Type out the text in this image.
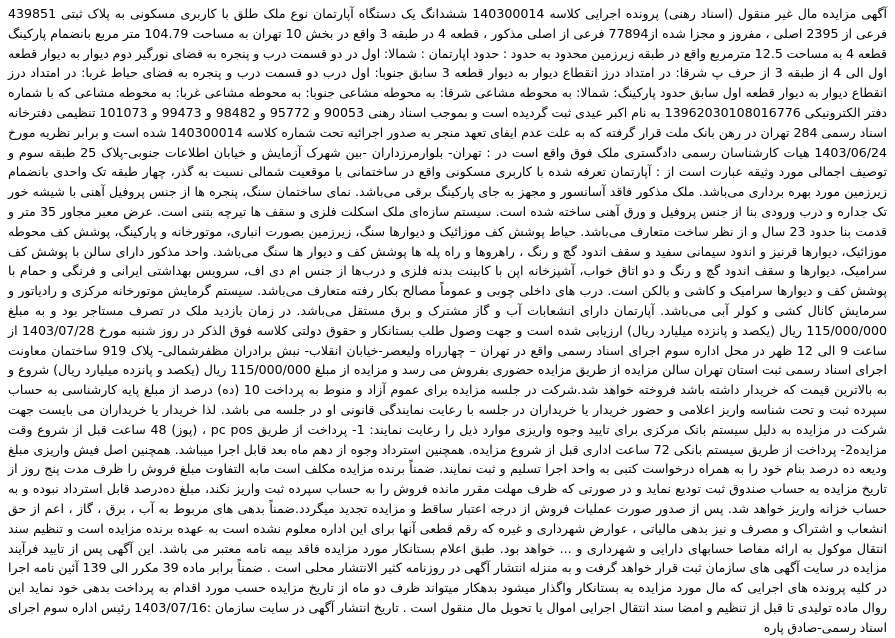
آگهی مزایده مال غیر منقول (اسناد رهنی) پرونده اجرایی کلاسه 140300014 ششدانگ یک دستگاه آپارتمان نوع ملک طلق با کاربری مسکونی به پلاک ثبتی 439851 فرعی از 2395 اصلی ، مفروز و مجزا شده از77894 فرعی از اصلی مذکور ، قطعه 4 در طبقه 3 واقع در بخش 10 تهران به مساحت 104.79 متر مربع بانضمام پارکینگ قطعه 4 به مساحت 12.5 مترمربع واقع در طبقه زیرزمین محدود به حدود : حدود اپارتمان : شمالا: اول در دو قسمت درب و پنجره به فضای نورگیر دوم دیوار به دیوار قطعه اول الی 4 از طبقه 3 از حرف پ شرقا: در امتداد درز انقطاع دیوار به دیوار قطعه 3 سابق جنوبا: اول درب دو قسمت درب و پنجره به فضای حیاط غربا: در امتداد درز انقطاع دیوار به دیوار قطعه اول سابق حدود پارکینگ: شمالا: به محوطه مشاعی شرقا: به محوطه مشاعی جنوبا: به محوطه مشاعی غربا: به محوطه مشاعی که با شماره دفتر الکترونیکی 13962030108016776 به نام اکبر عیدی ثبت گردیده است و بموجب اسناد رهنی 90053 و 95772 و 98482 و 99473 و 101073 تنظیمی دفترخانه اسناد رسمی 284 تهران در رهن بانک ملت قرار گرفته که به علت عدم ایفای تعهد منجر به صدور اجرائیه تحت شماره کلاسه 140300014 شده است و برابر نظریه مورخ 1403/06/24 هیات کارشناسان رسمی دادگستری ملک فوق واقع است در : تهران- بلوارمرزداران -بین شهرک آزمایش و خیابان اطلاعات جنوبی-پلاک 25 طبقه سوم و توصیف اجمالی مورد وثیقه عبارت است از : آپارتمان تعرفه شده با کاربری مسکونی واقع در ساختمانی با موقعیت شمالی نسبت به گذر، چهار طبقه تک واحدی بانضمام زیرزمین مورد بهره برداری می‌باشد. ملک مذکور فاقد آسانسور و مجهز به جای پارکینگ برقی می‌باشد. نمای ساختمان سنگ، پنجره ها از جنس پروفیل آهنی با شیشه خور تک جداره و درب ورودی بنا از جنس پروفیل و ورق آهنی ساخته شده است. سیستم سازه‌ای ملک اسکلت فلزی و سقف ها تیرچه بتنی است. عرض معبر مجاور 35 متر و قدمت بنا حدود 23 سال و از نظر ساخت متعارف می‌باشد. حیاط پوشش کف موزائیک و دیوارها سنگ، زیرزمین بصورت انباری، موتورخانه و پارکینگ، پوشش کف محوطه موزائیک، دیوارها قرنیز و اندود سیمانی سفید و سقف اندود گچ و رنگ ، راهروها و راه پله ها پوشش کف و دیوار ها سنگ می‌باشد. واحد مذکور دارای سالن با پوشش کف سرامیک، دیوارها و سقف اندود گچ و رنگ و دو اتاق خواب، آشپزخانه اپن با کابینت بدنه فلزی و درب‌ها از جنس ام دی اف، سرویس بهداشتی ایرانی و فرنگی و حمام با پوشش کف و دیوارها سرامیک و کاشی و بالکن است. درب های داخلی چوبی و عموماً مصالح بکار رفته متعارف می‌باشد. سیستم گرمایش موتورخانه مرکزی و رادیاتور و سرمایش کانال کشی و کولر آبی می‌باشد. آپارتمان دارای انشعابات آب و گاز مشترک و برق مستقل می‌باشد. در زمان بازدید ملک در تصرف مستاجر بود و به مبلغ 115/000/000 ریال (یکصد و پانزده میلیارد ریال) ارزیابی شده است و جهت وصول طلب بستانکار و حقوق دولتی کلاسه فوق الذکر در روز شنبه مورخ 1403/07/28 از ساعت 9 الی 12 ظهر در محل اداره سوم اجرای اسناد رسمی واقع در تهران – چهارراه ولیعصر-خیابان انقلاب- نبش برادران مظفرشمالی- پلاک 919 ساختمان معاونت اجرای اسناد رسمی ثبت استان تهران سالن مزایده از طریق مزایده حضوری بفروش می رسد و مزایده از مبلغ 115/000/000 ریال (یکصد و پانزده میلیارد ریال) شروع و به بالاترین قیمت که خریدار داشته باشد فروخته خواهد شد.شرکت در جلسه مزایده برای عموم آزاد و منوط به پرداخت 10 (ده) درصد از مبلغ پایه کارشناسی به حساب سپرده ثبت و تحت شناسه واریز اعلامی و حضور خریدار یا خریداران در جلسه با رعایت نمایندگی قانونی او در جلسه می باشد. لذا خریدار یا خریداران می بایست جهت شرکت در مزایده به دلیل سیستم بانک مرکزی برای تایید وجوه واریزی موارد ذیل را رعایت نمایند: 1- پرداخت از طریق pc pos ، (پوز) 48 ساعت قبل از شروع وقت مزایده2- پرداخت از طریق سیستم بانکی 72 ساعت اداری قبل از شروع مزایده. همچنین استرداد وجوه از دهم ماه بعد قابل اجرا میباشد. همچنین اصل فیش واریزی مبلغ ودیعه ده درصد بنام خود را به همراه درخواست کتبی به واحد اجرا تسلیم و ثبت نمایند. ضمناً برنده مزایده مکلف است مابه التفاوت مبلغ فروش را ظرف مدت پنج روز از تاریخ مزایده به حساب صندوق ثبت تودیع نماید و در صورتی که ظرف مهلت مقرر مانده فروش را به حساب سپرده ثبت واریز نکند، مبلغ ده‌درصد قابل استرداد نبوده و به حساب خزانه واریز خواهد شد. پس از صدور صورت عملیات فروش از درجه اعتبار ساقط و مزایده تجدید میگردد.ضمناً بدهی های مربوط به آب ، برق ، گاز ، اعم از حق انشعاب و اشتراک و مصرف و نیز بدهی مالیاتی ، عوارض شهرداری و غیره که رقم قطعی آنها برای این اداره معلوم نشده است به عهده برنده مزایده است و تنظیم سند انتقال موکول به ارائه مفاصا حسابهای دارایی و شهرداری و ... خواهد بود. طبق اعلام بستانکار مورد مزایده فاقد بیمه نامه معتبر می باشد. این آگهی پس از تایید فرآیند مزایده در سایت آگهی های سازمان ثبت قرار خواهد گرفت و به منزله انتشار آگهی در روزنامه کثیر الانتشار محلی است . ضمناً برابر ماده 39 مکرر الی 139 آئین نامه اجرا در کلیه پرونده های اجرایی که مال مورد مزایده به بستانکار واگذار میشود بدهکار میتواند ظرف دو ماه از تاریخ مزایده حسب مورد اقدام به پرداخت بدهی خود نماید این روال ماده تولیدی تا قبل از تنظیم و امضا سند انتقال اجرایی اموال یا تحویل مال منقول است . تاریخ انتشار آگهی در سایت سازمان :1403/07/16 رئیس اداره سوم اجرای اسناد رسمی-صادق پاره
